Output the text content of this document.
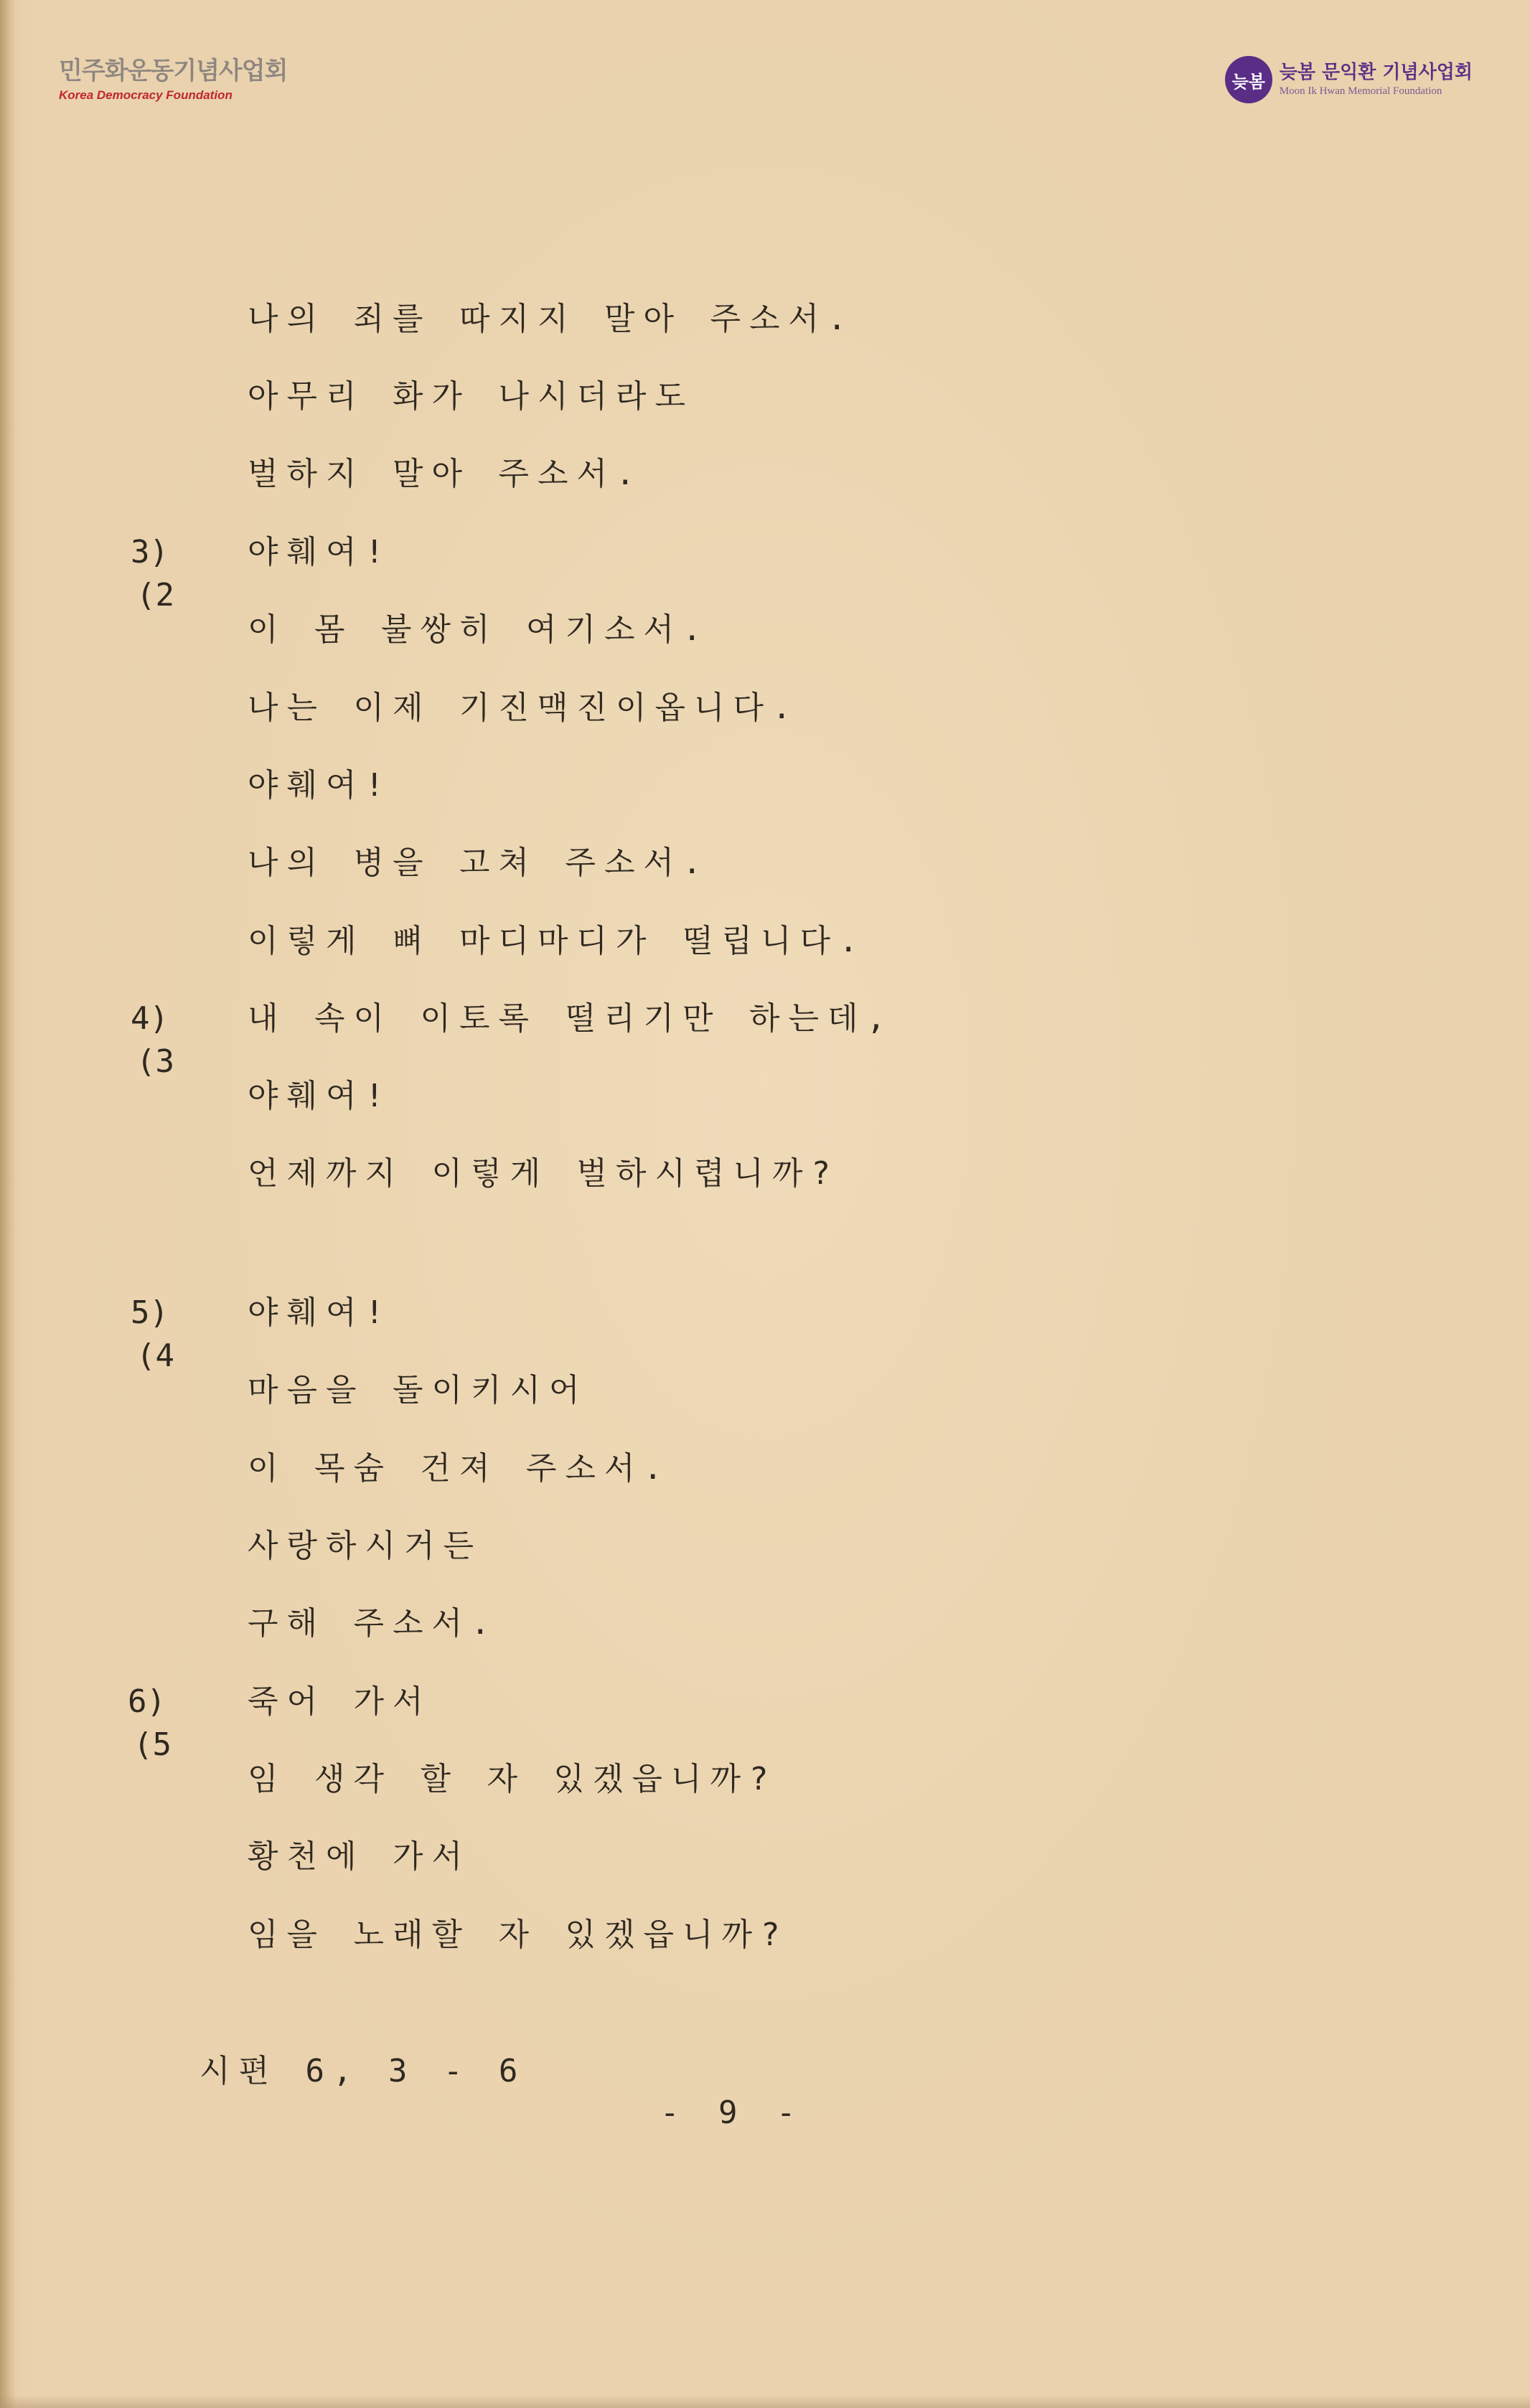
민주화운동기념사업회
Korea Democracy Foundation
늦봄 늦봄 문익환 기념사업회
Moon Ik Hwan Memorial Foundation
나의 죄를 따지지 말아 주소서.
아무리 화가 나시더라도
벌하지 말아 주소서.
야훼여!
이 몸 불쌍히 여기소서.
나는 이제 기진맥진이옵니다.
야훼여!
나의 병을 고쳐 주소서.
이렇게 뼈 마디마디가 떨립니다.
내 속이 이토록 떨리기만 하는데,
야훼여!
언제까지 이렇게 벌하시렵니까?
야훼여!
마음을 돌이키시어
이 목숨 건져 주소서.
사랑하시거든
구해 주소서.
죽어 가서
임 생각 할 자 있겠읍니까?
황천에 가서
임을 노래할 자 있겠읍니까?
3)
(2
4)
(3
5)
(4
6)
(5
시편 6, 3 - 6
- 9 -
